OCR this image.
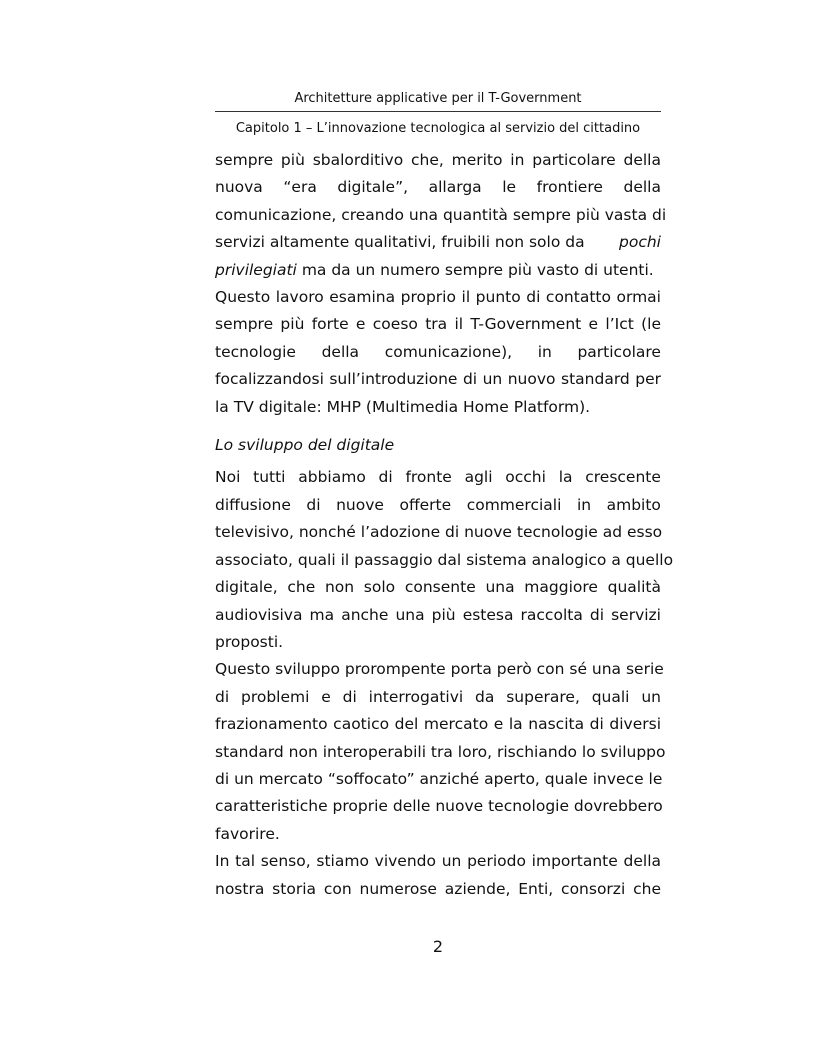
Architetture applicative per il T-Government
Capitolo 1 – L’innovazione tecnologica al servizio del cittadino

sempre più sbalorditivo che, merito in particolare della
nuova “era digitale”, allarga le frontiere della
comunicazione, creando una quantità sempre più vasta di
servizi altamente qualitativi, fruibili non solo da pochi
privilegiati ma da un numero sempre più vasto di utenti.

Questo lavoro esamina proprio il punto di contatto ormai
sempre più forte e coeso tra il T-Government e l’Ict (le
tecnologie della comunicazione), in particolare
focalizzandosi sull’introduzione di un nuovo standard per
la TV digitale: MHP (Multimedia Home Platform).

Lo sviluppo del digitale

Noi tutti abbiamo di fronte agli occhi la crescente
diffusione di nuove offerte commerciali in ambito
televisivo, nonché l’adozione di nuove tecnologie ad esso
associato, quali il passaggio dal sistema analogico a quello
digitale, che non solo consente una maggiore qualità
audiovisiva ma anche una più estesa raccolta di servizi
proposti.

Questo sviluppo prorompente porta però con sé una serie
di problemi e di interrogativi da superare, quali un
frazionamento caotico del mercato e la nascita di diversi
standard non interoperabili tra loro, rischiando lo sviluppo
di un mercato “soffocato” anziché aperto, quale invece le
caratteristiche proprie delle nuove tecnologie dovrebbero
favorire.

In tal senso, stiamo vivendo un periodo importante della
nostra storia con numerose aziende, Enti, consorzi che

2
